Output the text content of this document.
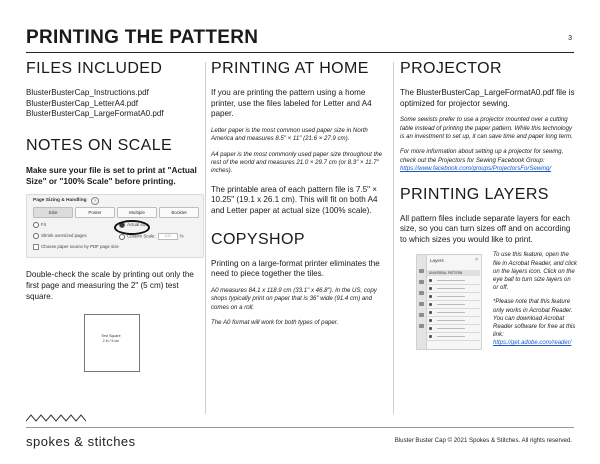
PRINTING THE PATTERN	3
FILES INCLUDED
BlusterBusterCap_Instructions.pdf
BlusterBusterCap_LetterA4.pdf
BlusterBusterCap_LargeFormatA0.pdf
NOTES ON SCALE

Make sure your file is set to print at "Actual Size" or "100% Scale" before printing.

Page Sizing & Handling	?
Size	Poster	Multiple	Booklet
Fit	Actual size
Shrink oversized pages	Custom Scale: 100 %
Choose paper source by PDF page size

Double-check the scale by printing out only the first page and measuring the 2" (5 cm) test square.

Test Square
2 in / 5 cm
PRINTING AT HOME

If you are printing the pattern using a home printer, use the files labeled for Letter and A4 paper.

Letter paper is the most common used paper size in North America and measures 8.5" × 11" (21.6 × 27.9 cm).

A4 paper is the most commonly used paper size throughout the rest of the world and measures 21.0 × 29.7 cm (or 8.3" × 11.7" inches).

The printable area of each pattern file is 7.5" × 10.25" (19.1 x 26.1 cm). This will fit on both A4 and Letter paper at actual size (100% scale).

COPYSHOP

Printing on a large-format printer eliminates the need to piece together the tiles.

A0 measures 84.1 x 118.9 cm (33.1" x 46.8"). In the US, copy shops typically print on paper that is 36" wide (91.4 cm) and comes on a roll.

The A0 format will work for both types of paper.

PROJECTOR

The BlusterBusterCap_LargeFormatA0.pdf file is optimized for projector sewing.

Some sewists prefer to use a projector mounted over a cutting table instead of printing the paper pattern. While this technology is an investment to set up, it can save time and paper long term.

For more information about setting up a projector for sewing, check out the Projectors for Sewing Facebook Group: https://www.facebook.com/groups/ProjectorsForSewing/

PRINTING LAYERS

All pattern files include separate layers for each size, so you can turn sizes off and on according to which sizes you would like to print.

Layers	×
UNIVERSAL PATTERN

To use this feature, open the file in Acrobat Reader, and click on the layers icon. Click on the eye ball to turn size layers on or off.

*Please note that this feature only works in Acrobat Reader. You can download Acrobat Reader software for free at this link: https://get.adobe.com/reader/

spokes & stitches	Bluster Buster Cap © 2021 Spokes & Stitches. All rights reserved.
